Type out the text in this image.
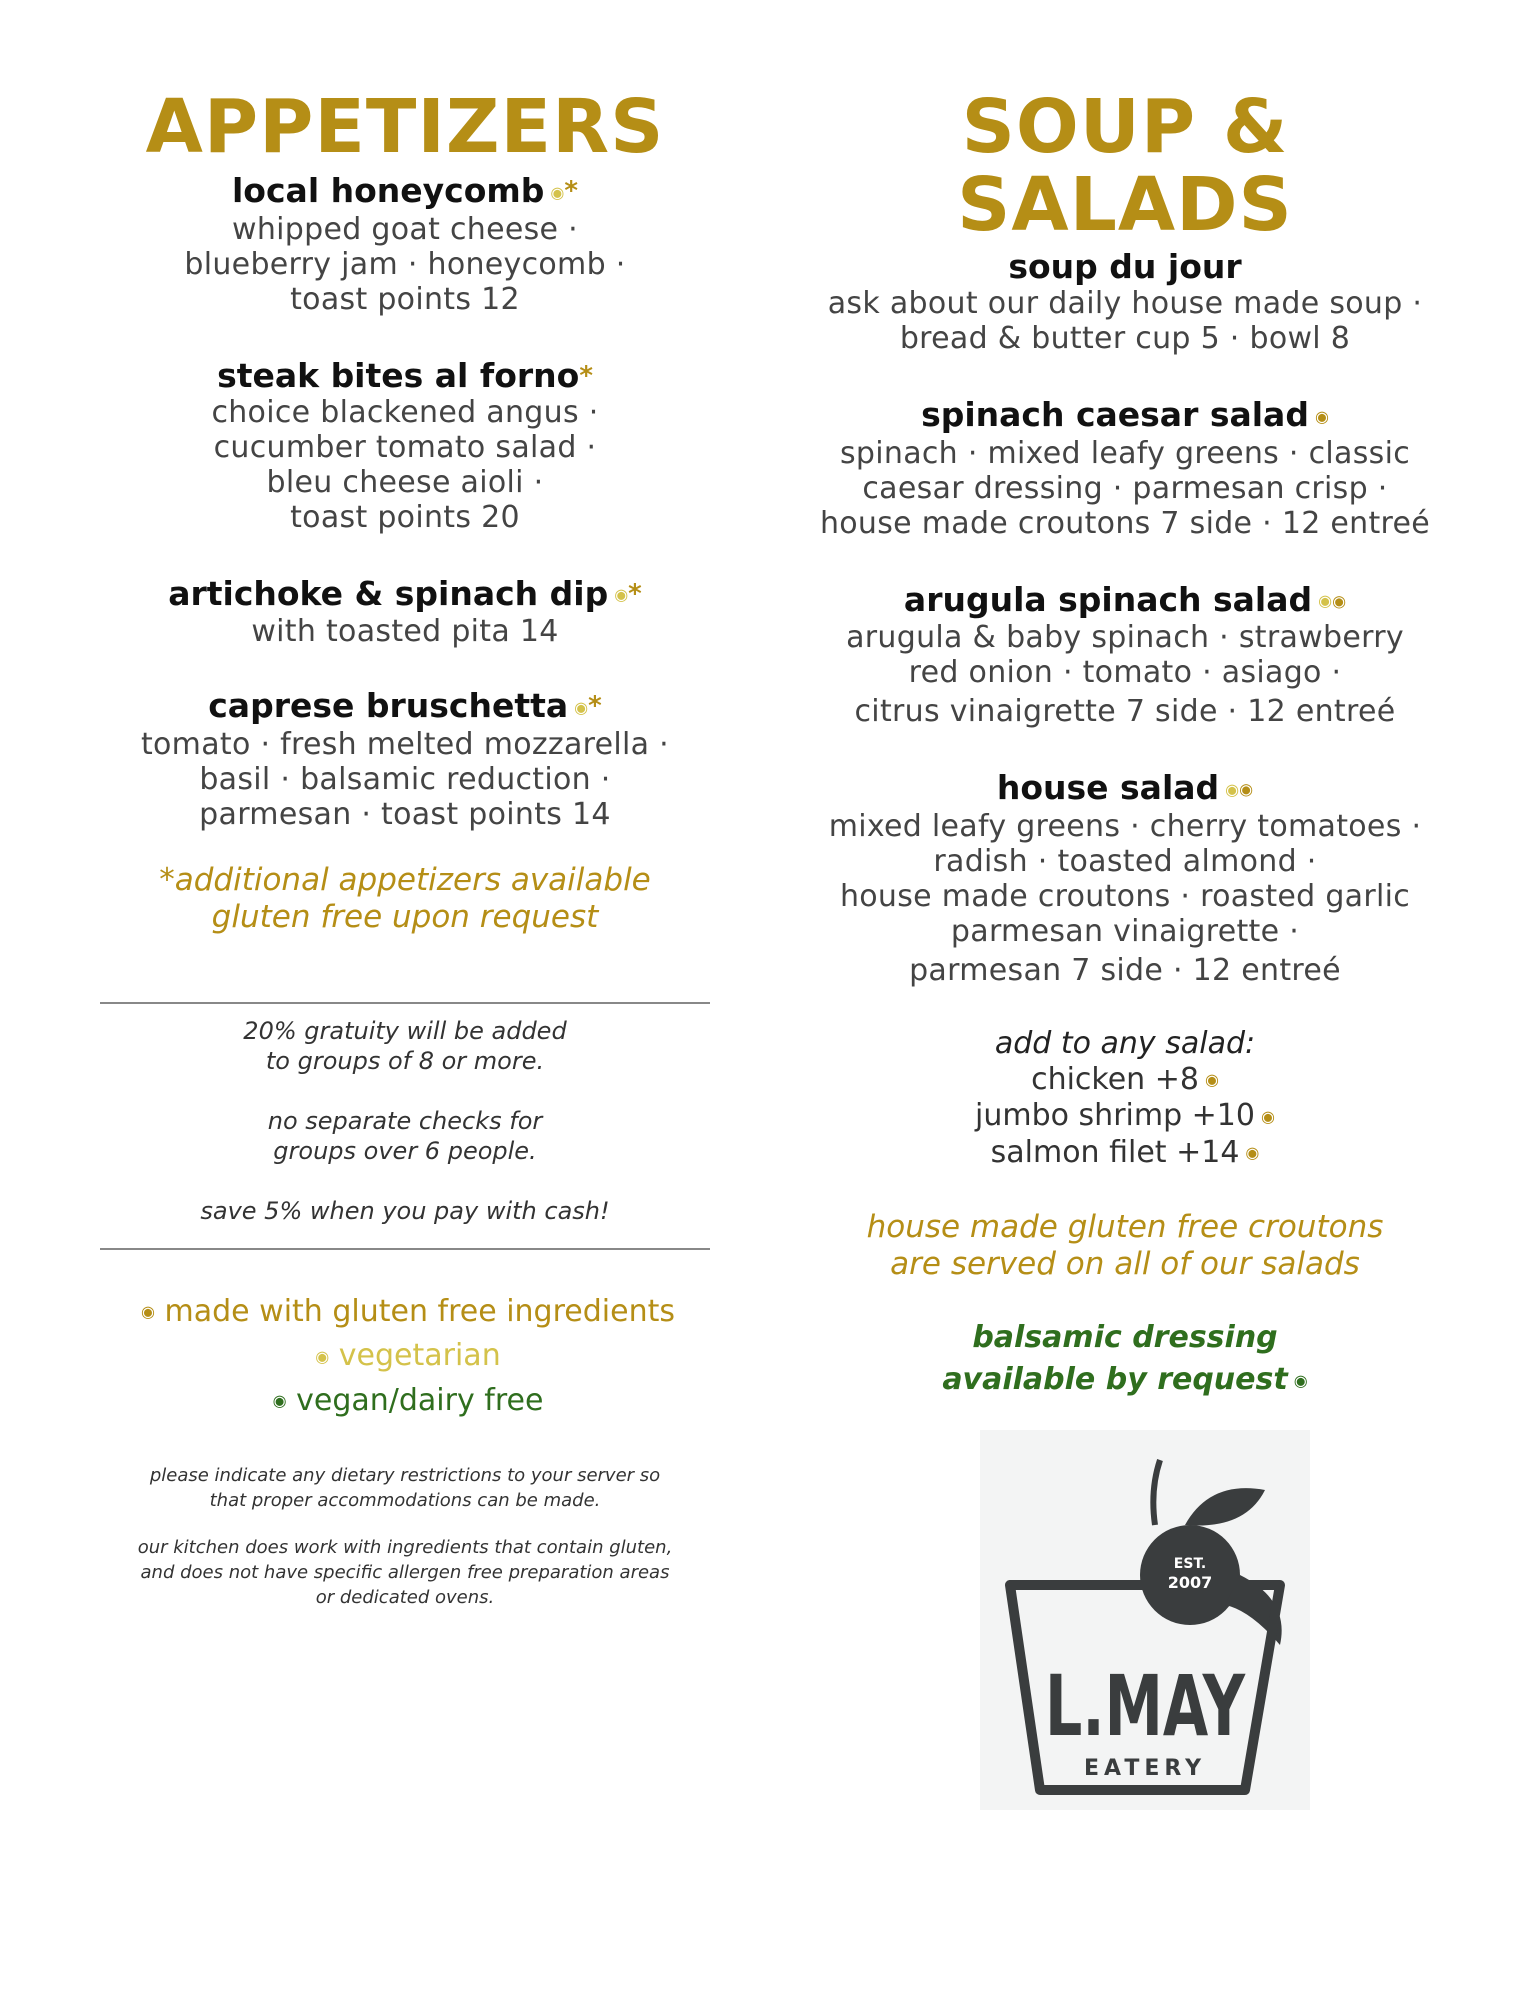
APPETIZERS
local honeycomb ◉*
whipped goat cheese ·
blueberry jam · honeycomb ·
toast points 12
steak bites al forno*
choice blackened angus ·
cucumber tomato salad ·
bleu cheese aioli ·
toast points 20
artichoke & spinach dip ◉*
with toasted pita 14
caprese bruschetta ◉*
tomato · fresh melted mozzarella ·
basil · balsamic reduction ·
parmesan · toast points 14
*additional appetizers available
gluten free upon request
20% gratuity will be added
to groups of 8 or more.
no separate checks for
groups over 6 people.
save 5% when you pay with cash!
◉ made with gluten free ingredients
◉ vegetarian
◉ vegan/dairy free
please indicate any dietary restrictions to your server so
that proper accommodations can be made.
our kitchen does work with ingredients that contain gluten,
and does not have specific allergen free preparation areas
or dedicated ovens.
SOUP &
SALADS
soup du jour
ask about our daily house made soup ·
bread & butter cup 5 · bowl 8
spinach caesar salad ◉
spinach · mixed leafy greens · classic
caesar dressing · parmesan crisp ·
house made croutons 7 side · 12 entreé
arugula spinach salad ◉◉
arugula & baby spinach · strawberry
red onion · tomato · asiago ·
citrus vinaigrette 7 side · 12 entreé
house salad ◉◉
mixed leafy greens · cherry tomatoes ·
radish · toasted almond ·
house made croutons · roasted garlic
parmesan vinaigrette ·
parmesan 7 side · 12 entreé
add to any salad:
chicken +8 ◉
jumbo shrimp +10 ◉
salmon filet +14 ◉
house made gluten free croutons
are served on all of our salads
balsamic dressing
available by request ◉
EST.
2007
L.MAY
EATERY
